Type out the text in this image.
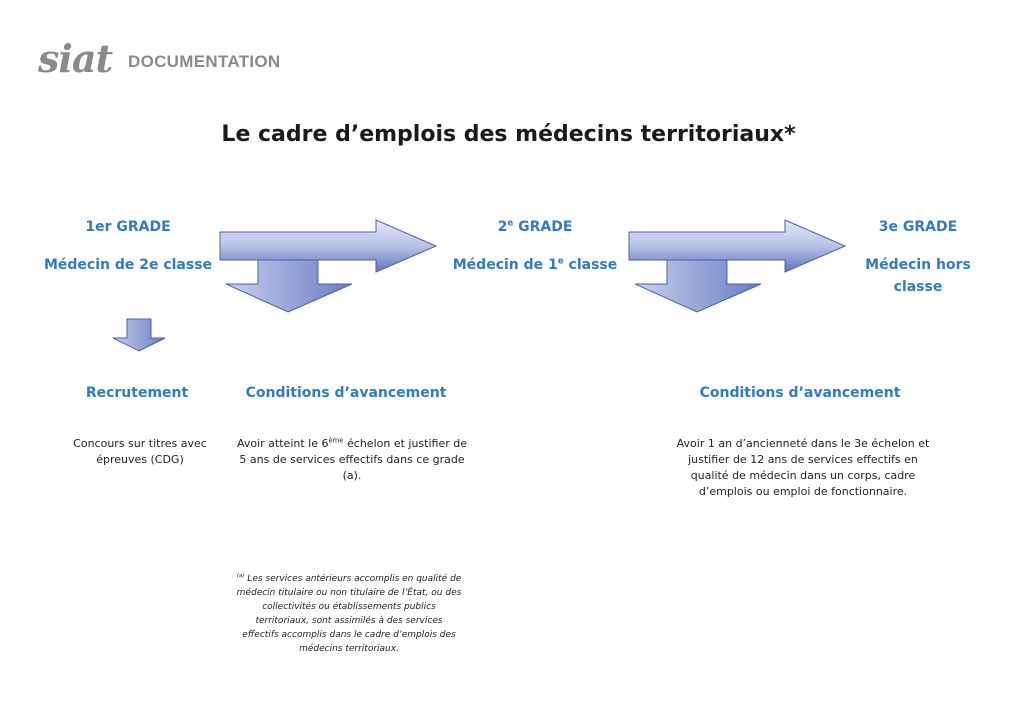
siat DOCUMENTATION
Le cadre d’emplois des médecins territoriaux*
1er GRADE
Médecin de 2e classe
2e GRADE
Médecin de 1e classe
3e GRADE
Médecin hors classe
Recrutement	Conditions d’avancement	Conditions d’avancement
Concours sur titres avec épreuves (CDG)
Avoir atteint le 6ème échelon et justifier de 5 ans de services effectifs dans ce grade (a).
Avoir 1 an d’ancienneté dans le 3e échelon et justifier de 12 ans de services effectifs en qualité de médecin dans un corps, cadre d’emplois ou emploi de fonctionnaire.
$^{(a)}$ Les services antérieurs accomplis en qualité de médecin titulaire ou non titulaire de l’État, ou des collectivités ou établissements publics territoriaux, sont assimilés à des services effectifs accomplis dans le cadre d’emplois des médecins territoriaux.
